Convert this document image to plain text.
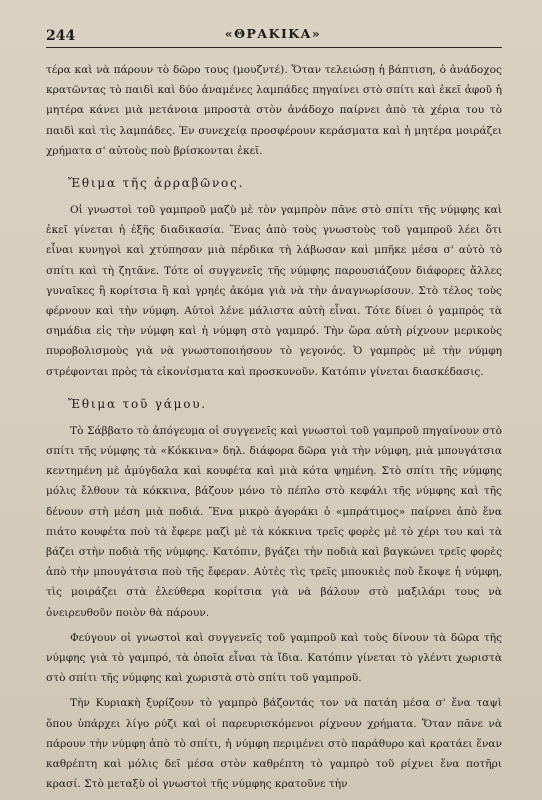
244	«ΘΡΑΚΙΚΑ»

τέρα καὶ νὰ πάρουν τὸ δῶρο τους (μουζντέ). Ὅταν τελειώσῃ ἡ βάπτιση, ὁ ἀνάδοχος κρατῶντας τὸ παιδὶ καὶ δύο ἀναμένες λαμπάδες πηγαίνει στὸ σπίτι καὶ ἐκεῖ ἀφοῦ ἡ μητέρα κάνει μιὰ μετάνοια μπροστὰ στὸν ἀνάδοχο παίρνει ἀπὸ τὰ χέρια του τὸ παιδὶ καὶ τὶς λαμπάδες. Ἐν συνεχείᾳ προσφέρουν κεράσματα καὶ ἡ μητέρα μοιράζει χρήματα σ' αὐτοὺς ποὺ βρίσκονται ἐκεῖ.

Ἔθιμα τῆς ἀρραβῶνος.

Οἱ γνωστοὶ τοῦ γαμπροῦ μαζὺ μὲ τὸν γαμπρὸν πᾶνε στὸ σπίτι τῆς νύμφης καὶ ἐκεῖ γίνεται ἡ ἑξῆς διαδικασία. Ἕνας ἀπὸ τοὺς γνωστοὺς τοῦ γαμπροῦ λέει ὅτι εἶναι κυνηγοὶ καὶ χτύπησαν μιὰ πέρδικα τὴ λάβωσαν καὶ μπῆκε μέσα σ' αὐτὸ τὸ σπίτι καὶ τὴ ζητᾶνε. Τότε οἱ συγγενεῖς τῆς νύμφης παρουσιάζουν διάφορες ἄλλες γυναῖκες ἢ κορίτσια ἢ καὶ γρηές ἀκόμα γιὰ νὰ τὴν ἀναγνωρίσουν. Στὸ τέλος τοὺς φέρνουν καὶ τὴν νύμφη. Αὐτοὶ λένε μάλιστα αὐτὴ εἶναι. Τότε δίνει ὁ γαμπρὸς τὰ σημάδια εἰς τὴν νύμφη καὶ ἡ νύμφη στὸ γαμπρό. Τὴν ὥρα αὐτὴ ρίχνουν μερικοὺς πυροβολισμοὺς γιὰ νὰ γνωστοποιήσουν τὸ γεγονός. Ὁ γαμπρὸς μὲ τὴν νύμφη στρέφονται πρὸς τὰ εἰκονίσματα καὶ προσκυνοῦν. Κατόπιν γίνεται διασκέδασις.

Ἔθιμα τοῦ γάμου.

Τὸ Σάββατο τὸ ἀπόγευμα οἱ συγγενεῖς καὶ γνωστοὶ τοῦ γαμπροῦ πηγαίνουν στὸ σπίτι τῆς νύμφης τὰ «Κόκκινα» δηλ. διάφορα δῶρα γιὰ τὴν νύμφη, μιὰ μπουγάτσια κεντημένη μὲ ἀμύγδαλα καὶ κουφέτα καὶ μιὰ κότα ψημένη. Στὸ σπίτι τῆς νύμφης μόλις ἔλθουν τὰ κόκκινα, βάζουν μόνο τὸ πέπλο στὸ κεφάλι τῆς νύμφης καὶ τῆς δένουν στὴ μέση μιὰ ποδιά. Ἕνα μικρὸ ἀγοράκι ὁ «μπράτιμος» παίρνει ἀπὸ ἕνα πιάτο κουφέτα ποὺ τὰ ἔφερε μαζὶ μὲ τὰ κόκκινα τρεῖς φορὲς μὲ τὸ χέρι του καὶ τὰ βάζει στὴν ποδιὰ τῆς νύμφης. Κατόπιν, βγάζει τὴν ποδιὰ καὶ βαγκώνει τρεῖς φορὲς ἀπὸ τὴν μπουγάτσια ποὺ τῆς ἔφεραν. Αὐτὲς τὶς τρεῖς μπουκιὲς ποὺ ἔκοψε ἡ νύμφη, τὶς μοιράζει στὰ ἐλεύθερα κορίτσια γιὰ νὰ βάλουν στὸ μαξιλάρι τους νὰ ὀνειρευθοῦν ποιὸν θὰ πάρουν.

Φεύγουν οἱ γνωστοὶ καὶ συγγενεῖς τοῦ γαμπροῦ καὶ τοὺς δίνουν τὰ δῶρα τῆς νύμφης γιὰ τὸ γαμπρό, τὰ ὁποῖα εἶναι τὰ ἴδια. Κατόπιν γίνεται τὸ γλέντι χωριστὰ στὸ σπίτι τῆς νύμφης καὶ χωριστὰ στὸ σπίτι τοῦ γαμπροῦ.

Τὴν Κυριακὴ ξυρίζουν τὸ γαμπρὸ βάζοντάς τον νὰ πατάη μέσα σ' ἕνα ταψὶ ὅπου ὑπάρχει λίγο ρύζι καὶ οἱ παρευρισκόμενοι ρίχνουν χρήματα. Ὅταν πᾶνε νὰ πάρουν τὴν νύμφη ἀπὸ τὸ σπίτι, ἡ νύμφη περιμένει στὸ παράθυρο καὶ κρατάει ἕναν καθρέπτη καὶ μόλις δεῖ μέσα στὸν καθρέπτη τὸ γαμπρὸ τοῦ ρίχνει ἕνα ποτῆρι κρασί. Στὸ μεταξὺ οἱ γνωστοὶ τῆς νύμφης κρατοῦνε τὴν
